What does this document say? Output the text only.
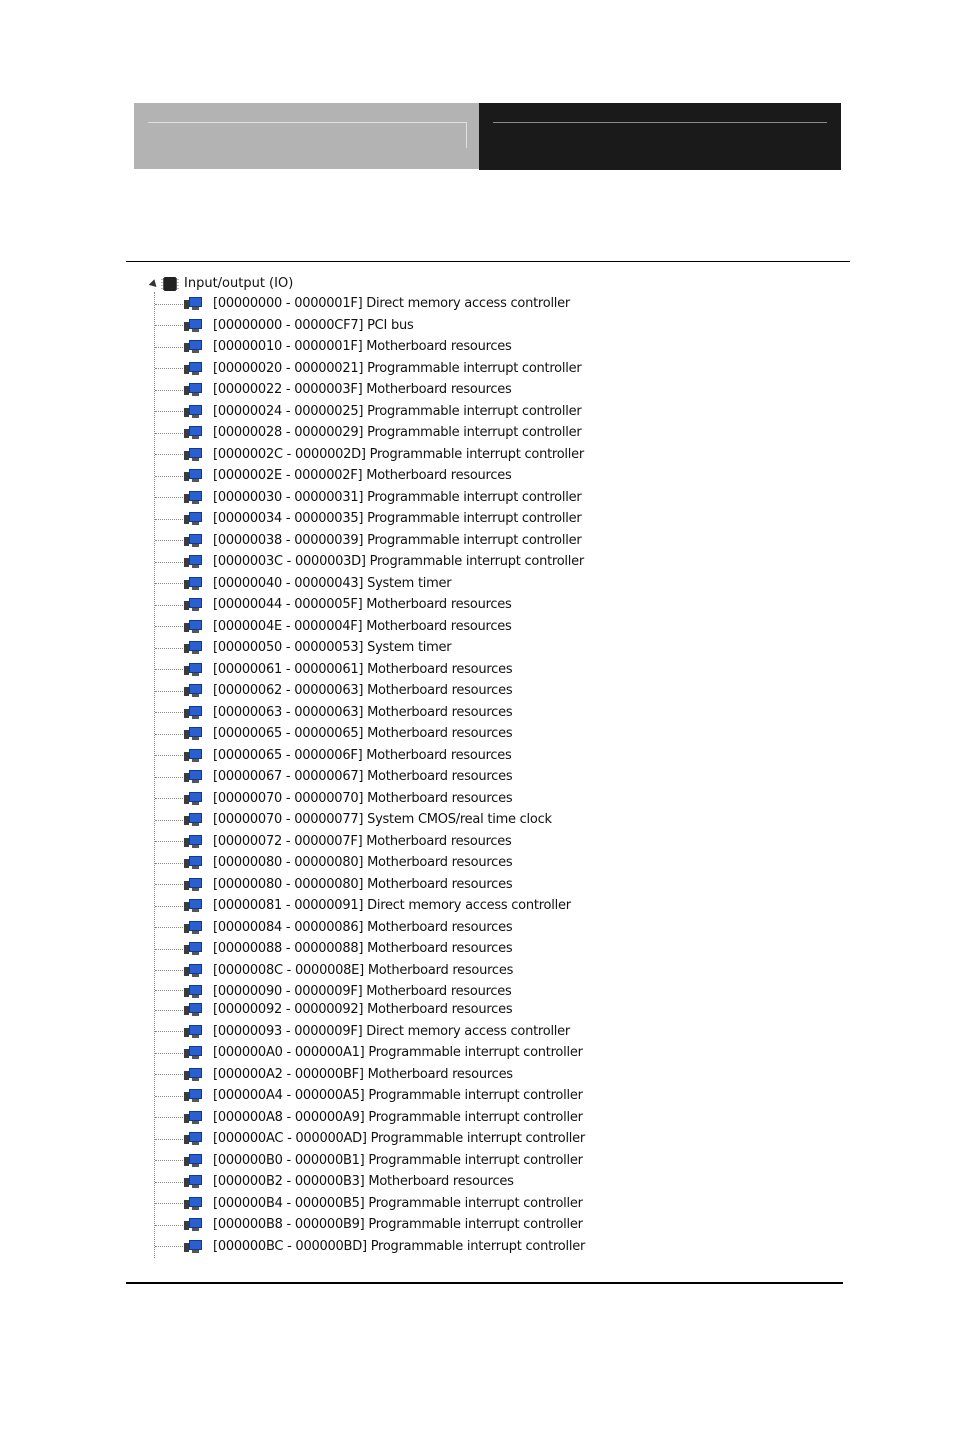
Input/output (IO)
[00000000 - 0000001F] Direct memory access controller
[00000000 - 00000CF7] PCI bus
[00000010 - 0000001F] Motherboard resources
[00000020 - 00000021] Programmable interrupt controller
[00000022 - 0000003F] Motherboard resources
[00000024 - 00000025] Programmable interrupt controller
[00000028 - 00000029] Programmable interrupt controller
[0000002C - 0000002D] Programmable interrupt controller
[0000002E - 0000002F] Motherboard resources
[00000030 - 00000031] Programmable interrupt controller
[00000034 - 00000035] Programmable interrupt controller
[00000038 - 00000039] Programmable interrupt controller
[0000003C - 0000003D] Programmable interrupt controller
[00000040 - 00000043] System timer
[00000044 - 0000005F] Motherboard resources
[0000004E - 0000004F] Motherboard resources
[00000050 - 00000053] System timer
[00000061 - 00000061] Motherboard resources
[00000062 - 00000063] Motherboard resources
[00000063 - 00000063] Motherboard resources
[00000065 - 00000065] Motherboard resources
[00000065 - 0000006F] Motherboard resources
[00000067 - 00000067] Motherboard resources
[00000070 - 00000070] Motherboard resources
[00000070 - 00000077] System CMOS/real time clock
[00000072 - 0000007F] Motherboard resources
[00000080 - 00000080] Motherboard resources
[00000080 - 00000080] Motherboard resources
[00000081 - 00000091] Direct memory access controller
[00000084 - 00000086] Motherboard resources
[00000088 - 00000088] Motherboard resources
[0000008C - 0000008E] Motherboard resources
[00000090 - 0000009F] Motherboard resources
[00000092 - 00000092] Motherboard resources
[00000093 - 0000009F] Direct memory access controller
[000000A0 - 000000A1] Programmable interrupt controller
[000000A2 - 000000BF] Motherboard resources
[000000A4 - 000000A5] Programmable interrupt controller
[000000A8 - 000000A9] Programmable interrupt controller
[000000AC - 000000AD] Programmable interrupt controller
[000000B0 - 000000B1] Programmable interrupt controller
[000000B2 - 000000B3] Motherboard resources
[000000B4 - 000000B5] Programmable interrupt controller
[000000B8 - 000000B9] Programmable interrupt controller
[000000BC - 000000BD] Programmable interrupt controller
